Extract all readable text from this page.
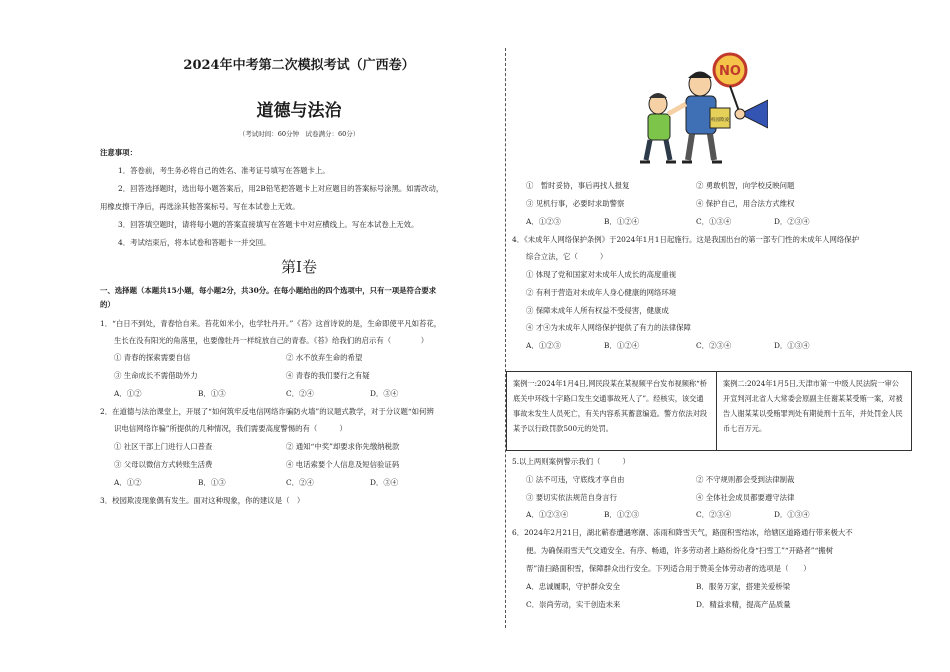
2024年中考第二次模拟考试（广西卷）
道德与法治
（考试时间：60分钟　试卷满分：60分）
注意事项：
1．答卷前，考生务必将自己的姓名、准考证号填写在答题卡上。
2．回答选择题时，选出每小题答案后，用2B铅笔把答题卡上对应题目的答案标号涂黑。如需改动，
用橡皮擦干净后，再选涂其他答案标号。写在本试卷上无效。
3．回答填空题时，请将每小题的答案直接填写在答题卡中对应横线上。写在本试卷上无效。
4．考试结束后，将本试卷和答题卡一并交回。
第Ⅰ卷
一、选择题（本题共15小题，每小题2分，共30分。在每小题给出的四个选项中，只有一项是符合要求
的）
1．“白日不到处，青春恰自来。苔花如米小，也学牡丹开。”《苔》这首诗说的是，生命即使平凡如苔花，
生长在没有阳光的角落里，也要像牡丹一样绽放自己的青春。《苔》给我们的启示有（　　　　）
① 青春的探索需要自信	② 水不放弃生命的希望
③ 生命成长不需借助外力	④ 青春的我们要行之有疑
A．①②	B．①③	C．②④	D．③④
2．在道德与法治课堂上，开展了“如何筑牢反电信网络诈骗防火墙”的议题式教学，对于分议题“如何辨
识电信网络诈骗”所提供的几种情况，我们需要高度警惕的有（　　　）
① 社区干部上门进行人口普查	② 通知“中奖”却要求你先缴纳税款
③ 父母以微信方式转账生活费	④ 电话索要个人信息及短信验证码
A．①②	B．①③	C．②④	D．③④
3．校园欺凌现象偶有发生。面对这种现象，你的建议是（　）
校园欺凌
NO
①　暂时妥协，事后再找人报复	② 勇敢机智，向学校反映问题
③ 见机行事，必要时求助警察	④ 保护自己，用合法方式维权
A．①②③	B．①②④	C．①③④	D．②③④
4．《未成年人网络保护条例》于2024年1月1日起施行。这是我国出台的第一部专门性的未成年人网络保护
综合立法，它（　　　）
① 体现了党和国家对未成年人成长的高度重视
② 有利于营造对未成年人身心健康的网络环境
③ 保障未成年人所有权益不受侵害，健康成
④ 才④为未成年人网络保护提供了有力的法律保障
A．①②③	B．①②④	C．②③④	D．①③④
案例一:2024年1月4日,网民段某在某视频平台发布视频称“桥底关中环线十字路口发生交通事故死人了”。经核实，该交通事故未发生人员死亡，有关内容系其蓄意编造。警方依法对段某予以行政罚款500元的处罚。
案例二:2024年1月5日,天津市第一中级人民法院一审公开宣判河北省人大常委会原副主任谢某某受贿一案，对被告人谢某某以受贿罪判处有期徒刑十五年，并处罚金人民币七百万元。
5.以上两则案例警示我们（　　　）
① 法不可违，守底线才享自由	② 不守规则都会受到法律制裁
③ 要切实依法规范自身言行	④ 全体社会成员都要遵守法律
A．①②③④	B．①②③	C．②③④	D．①③④
6．2024年2月21日，湖北蕲春遭遇寒潮、冻雨和降雪天气，路面积雪结冰，给辖区道路通行带来极大不
便。为确保雨雪天气交通安全、有序、畅通，许多劳动者上路纷纷化身“扫雪工”“开路者”“搬树
帮”清扫路面积雪，保障群众出行安全。下列适合用于赞美全体劳动者的选项是（　　）
A．忠诚履职，守护群众安全	B．服务万家，搭建关爱桥梁
C．崇尚劳动，实干创造未来	D．精益求精，提高产品质量
